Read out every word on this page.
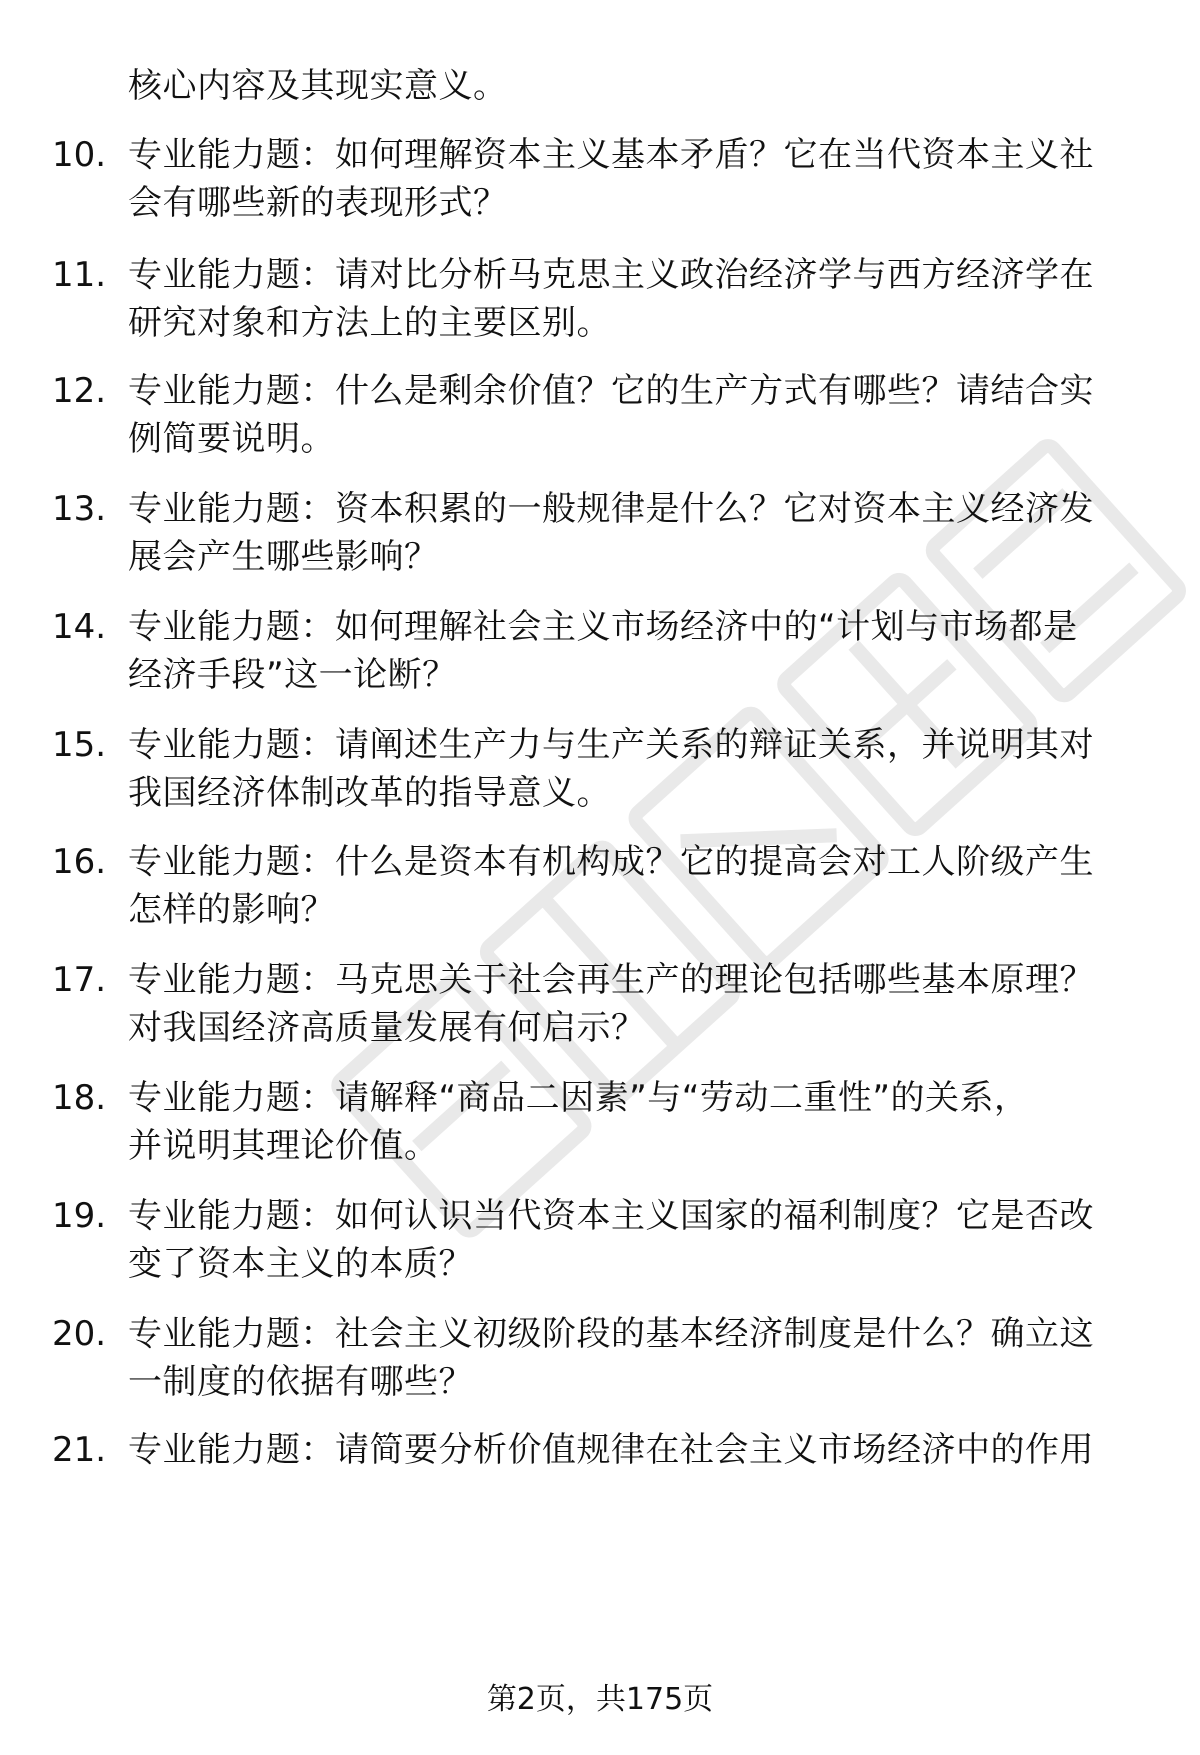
核心内容及其现实意义。
10. 专业能力题：如何理解资本主义基本矛盾？它在当代资本主义社
会有哪些新的表现形式？
11. 专业能力题：请对比分析马克思主义政治经济学与西方经济学在
研究对象和方法上的主要区别。
12. 专业能力题：什么是剩余价值？它的生产方式有哪些？请结合实
例简要说明。
13. 专业能力题：资本积累的一般规律是什么？它对资本主义经济发
展会产生哪些影响？
14. 专业能力题：如何理解社会主义市场经济中的“计划与市场都是
经济手段”这一论断？
15. 专业能力题：请阐述生产力与生产关系的辩证关系，并说明其对
我国经济体制改革的指导意义。
16. 专业能力题：什么是资本有机构成？它的提高会对工人阶级产生
怎样的影响？
17. 专业能力题：马克思关于社会再生产的理论包括哪些基本原理？
对我国经济高质量发展有何启示？
18. 专业能力题：请解释“商品二因素”与“劳动二重性”的关系，
并说明其理论价值。
19. 专业能力题：如何认识当代资本主义国家的福利制度？它是否改
变了资本主义的本质？
20. 专业能力题：社会主义初级阶段的基本经济制度是什么？确立这
一制度的依据有哪些？
21. 专业能力题：请简要分析价值规律在社会主义市场经济中的作用
第2页，共175页
